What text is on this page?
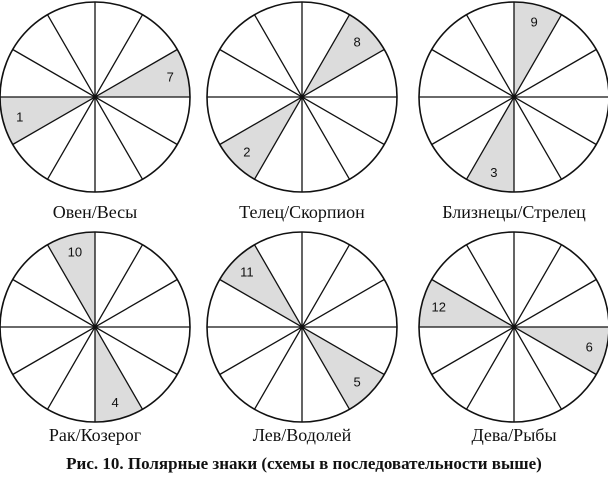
1
7
2
8
3
9
10
4
11
5
12
6
Овен/Весы	Телец/Скорпион	Близнецы/Стрелец
Рак/Козерог	Лев/Водолей	Дева/Рыбы
Рис. 10. Полярные знаки (схемы в последовательности выше)
